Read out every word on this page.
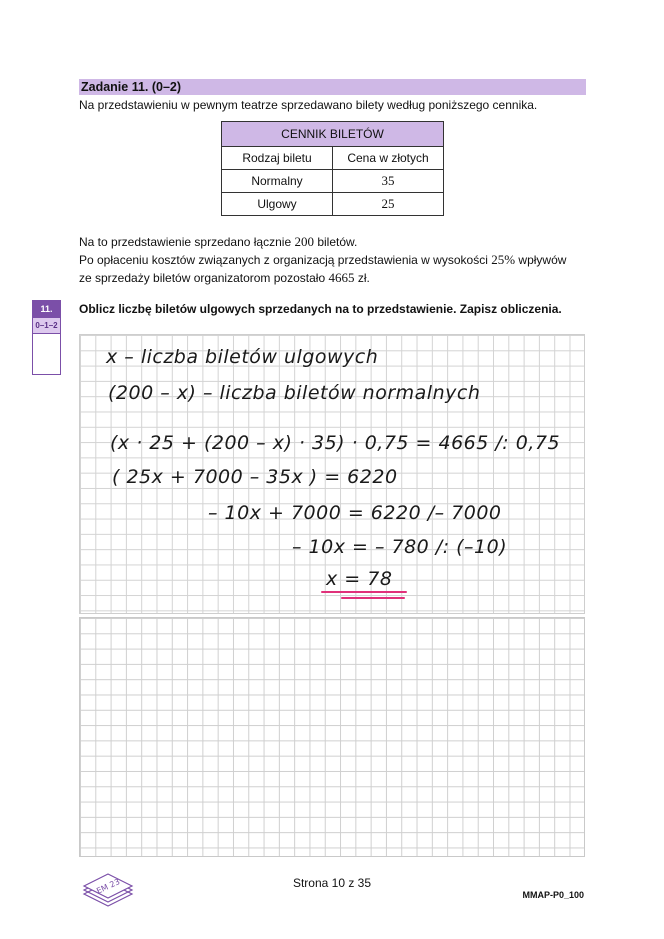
Zadanie 11. (0–2)
Na przedstawieniu w pewnym teatrze sprzedawano bilety według poniższego cennika.
CENNIK BILETÓW	
Rodzaj biletu	Cena w złotych
Normalny	35
Ulgowy	25
Na to przedstawienie sprzedano łącznie 200 biletów.
Po opłaceniu kosztów związanych z organizacją przedstawienia w wysokości 25% wpływów
ze sprzedaży biletów organizatorom pozostało 4665 zł.
11.
0–1–2
Oblicz liczbę biletów ulgowych sprzedanych na to przedstawienie. Zapisz obliczenia.
x – liczba biletów ulgowych
(200 – x) – liczba biletów normalnych
(x · 25 + (200 – x) · 35) · 0,75 = 4665 /: 0,75
( 25x + 7000 – 35x ) = 6220
– 10x + 7000 = 6220 /– 7000
– 10x = – 780 /: (–10)
x = 78
EM 23	Strona 10 z 35
MMAP-P0_100
